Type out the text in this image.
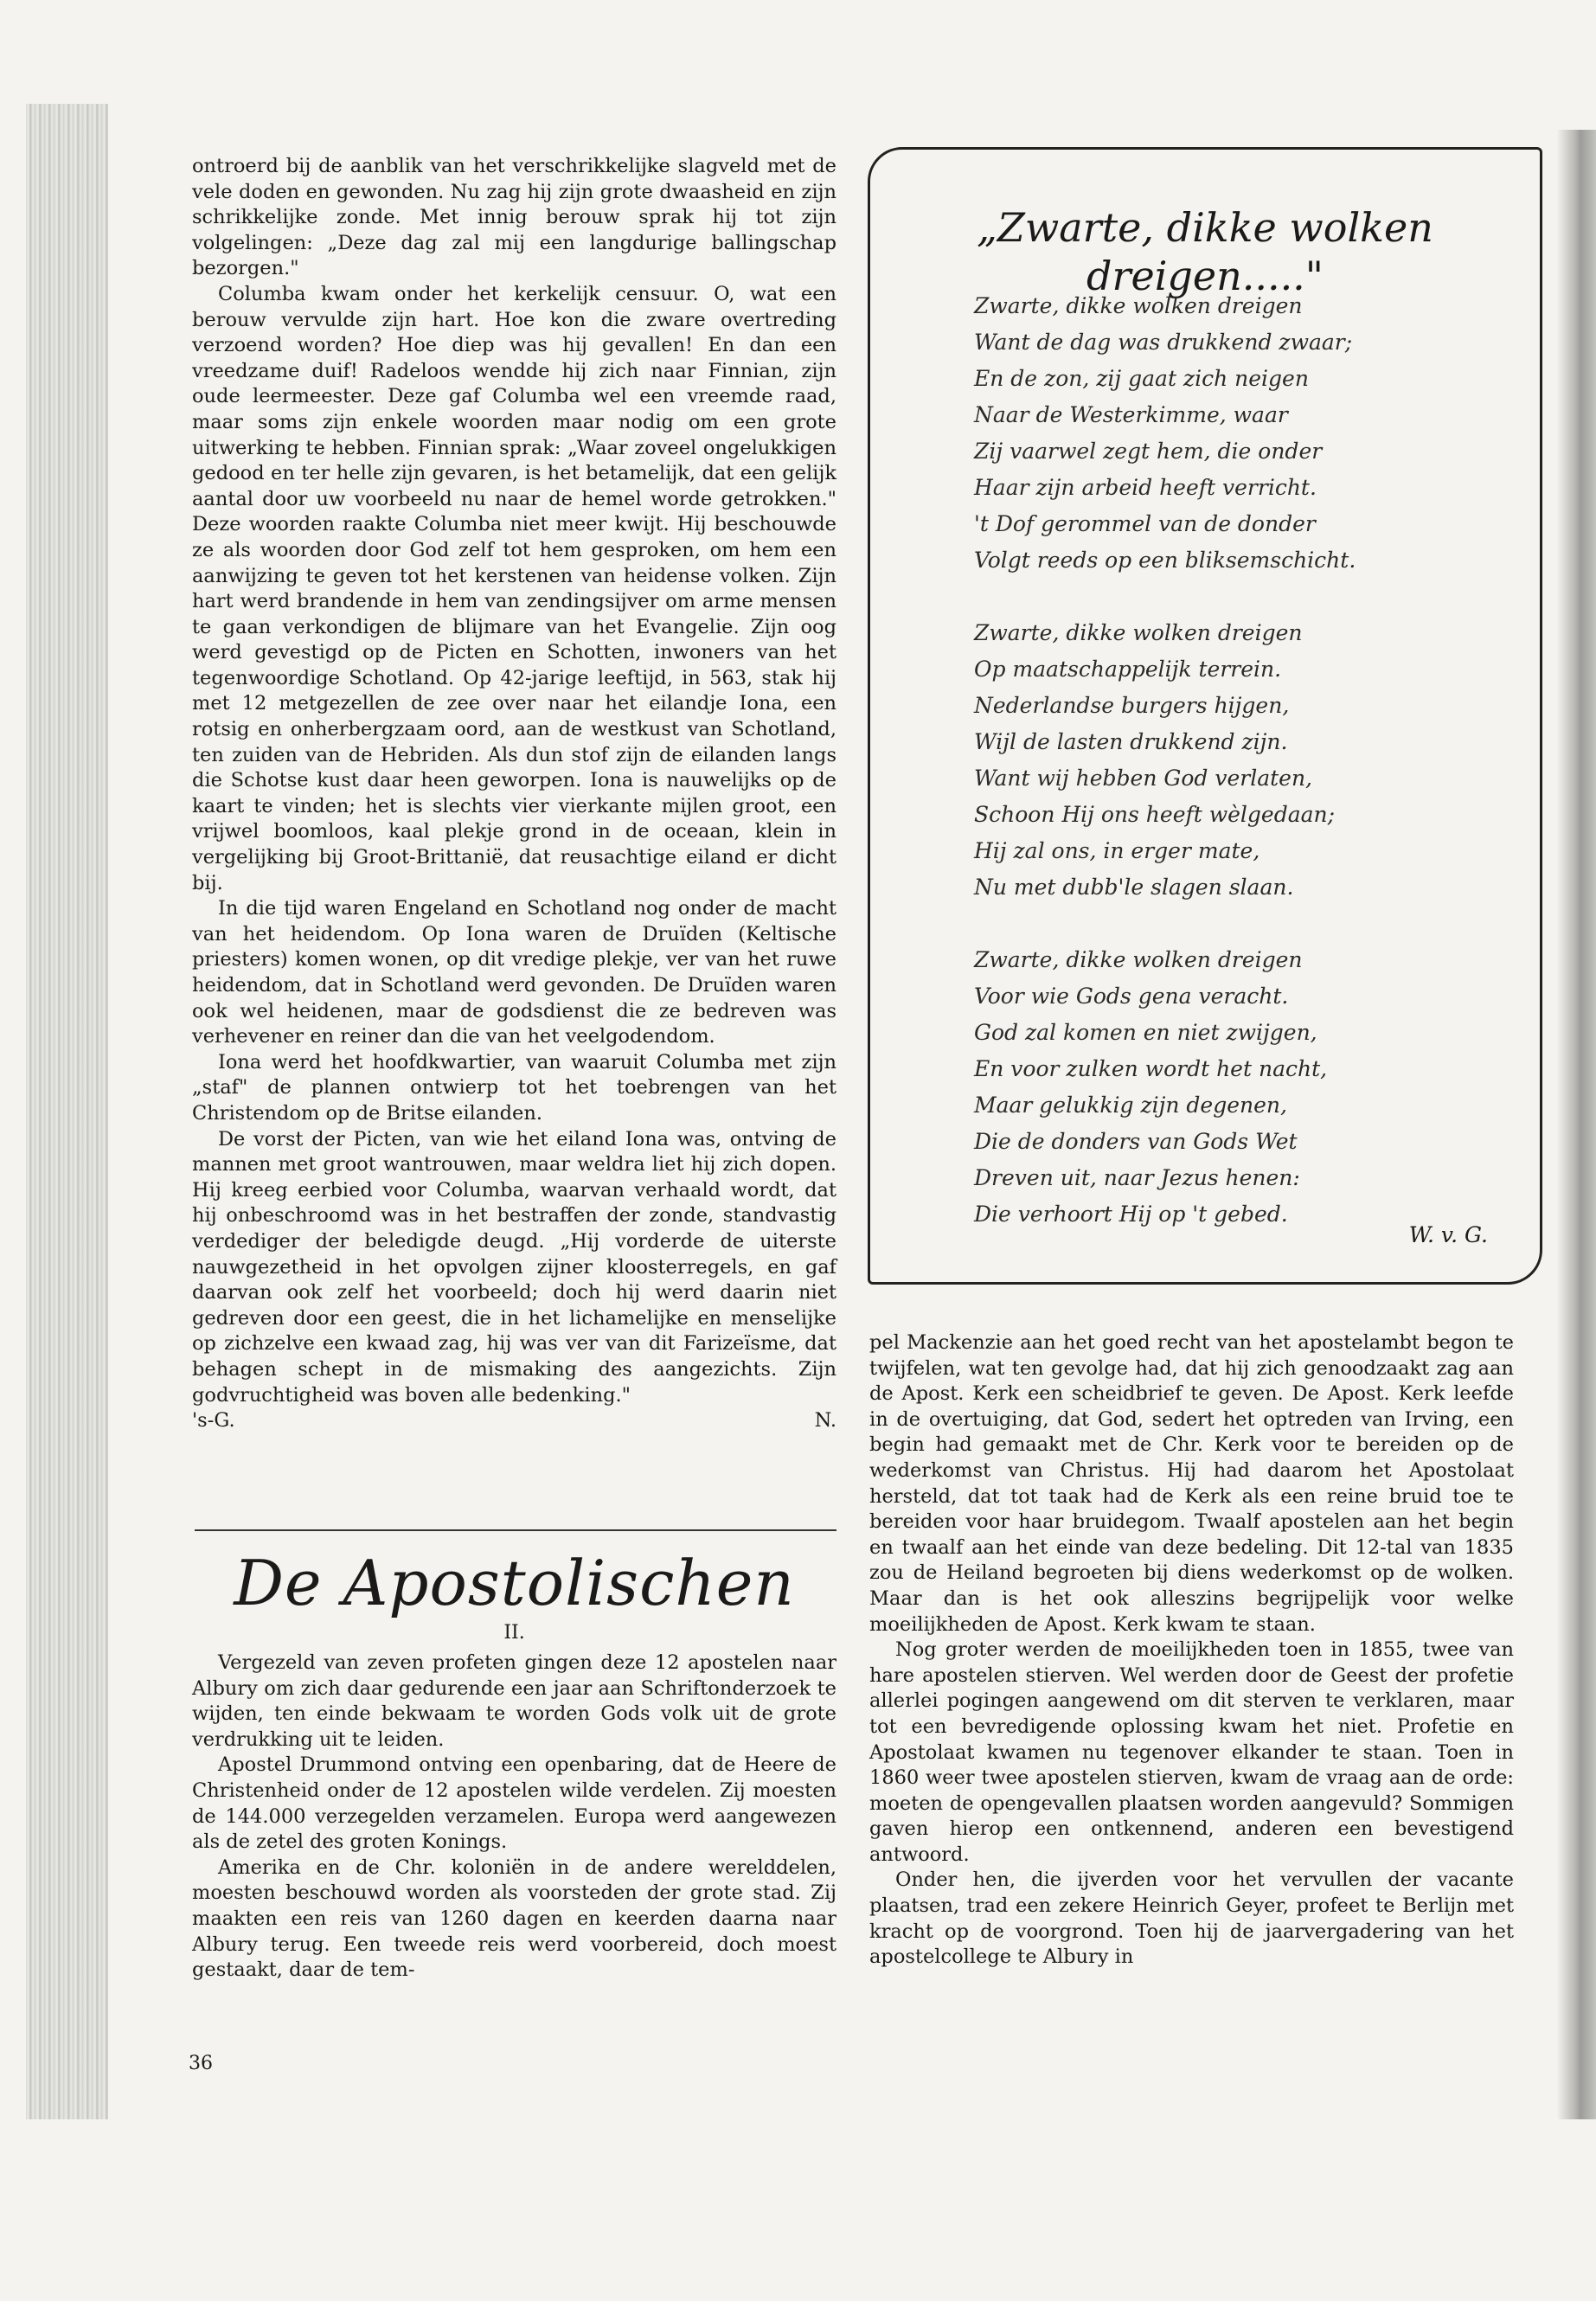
ontroerd bij de aanblik van het verschrikkelijke slagveld met de vele doden en gewonden. Nu zag hij zijn grote dwaasheid en zijn schrikkelijke zonde. Met innig berouw sprak hij tot zijn volgelingen: „Deze dag zal mij een langdurige ballingschap bezorgen."

Columba kwam onder het kerkelijk censuur. O, wat een berouw vervulde zijn hart. Hoe kon die zware overtreding verzoend worden? Hoe diep was hij gevallen! En dan een vreedzame duif! Radeloos wendde hij zich naar Finnian, zijn oude leermeester. Deze gaf Columba wel een vreemde raad, maar soms zijn enkele woorden maar nodig om een grote uitwerking te hebben. Finnian sprak: „Waar zoveel ongelukkigen gedood en ter helle zijn gevaren, is het betamelijk, dat een gelijk aantal door uw voorbeeld nu naar de hemel worde getrokken." Deze woorden raakte Columba niet meer kwijt. Hij beschouwde ze als woorden door God zelf tot hem gesproken, om hem een aanwijzing te geven tot het kerstenen van heidense volken. Zijn hart werd brandende in hem van zendingsijver om arme mensen te gaan verkondigen de blijmare van het Evangelie. Zijn oog werd gevestigd op de Picten en Schotten, inwoners van het tegenwoordige Schotland. Op 42-jarige leeftijd, in 563, stak hij met 12 metgezellen de zee over naar het eilandje Iona, een rotsig en onherbergzaam oord, aan de westkust van Schotland, ten zuiden van de Hebriden. Als dun stof zijn de eilanden langs die Schotse kust daar heen geworpen. Iona is nauwelijks op de kaart te vinden; het is slechts vier vierkante mijlen groot, een vrijwel boomloos, kaal plekje grond in de oceaan, klein in vergelijking bij Groot-Brittanië, dat reusachtige eiland er dicht bij.

In die tijd waren Engeland en Schotland nog onder de macht van het heidendom. Op Iona waren de Druïden (Keltische priesters) komen wonen, op dit vredige plekje, ver van het ruwe heidendom, dat in Schotland werd gevonden. De Druïden waren ook wel heidenen, maar de godsdienst die ze bedreven was verhevener en reiner dan die van het veelgodendom.

Iona werd het hoofdkwartier, van waaruit Columba met zijn „staf" de plannen ontwierp tot het toebrengen van het Christendom op de Britse eilanden.

De vorst der Picten, van wie het eiland Iona was, ontving de mannen met groot wantrouwen, maar weldra liet hij zich dopen. Hij kreeg eerbied voor Columba, waarvan verhaald wordt, dat hij onbeschroomd was in het bestraffen der zonde, standvastig verdediger der beledigde deugd. „Hij vorderde de uiterste nauwgezetheid in het opvolgen zijner kloosterregels, en gaf daarvan ook zelf het voorbeeld; doch hij werd daarin niet gedreven door een geest, die in het lichamelijke en menselijke op zichzelve een kwaad zag, hij was ver van dit Farizeïsme, dat behagen schept in de mismaking des aangezichts. Zijn godvruchtigheid was boven alle bedenking."

's-G.	N.
De Apostolischen
II.

Vergezeld van zeven profeten gingen deze 12 apostelen naar Albury om zich daar gedurende een jaar aan Schriftonderzoek te wijden, ten einde bekwaam te worden Gods volk uit de grote verdrukking uit te leiden.

Apostel Drummond ontving een openbaring, dat de Heere de Christenheid onder de 12 apostelen wilde verdelen. Zij moesten de 144.000 verzegelden verzamelen. Europa werd aangewezen als de zetel des groten Konings.

Amerika en de Chr. koloniën in de andere werelddelen, moesten beschouwd worden als voorsteden der grote stad. Zij maakten een reis van 1260 dagen en keerden daarna naar Albury terug. Een tweede reis werd voorbereid, doch moest gestaakt, daar de tem-

„Zwarte, dikke wolken dreigen....."
Zwarte, dikke wolken dreigen
Want de dag was drukkend zwaar;
En de zon, zij gaat zich neigen
Naar de Westerkimme, waar
Zij vaarwel zegt hem, die onder
Haar zijn arbeid heeft verricht.
't Dof gerommel van de donder
Volgt reeds op een bliksemschicht.
Zwarte, dikke wolken dreigen
Op maatschappelijk terrein.
Nederlandse burgers hijgen,
Wijl de lasten drukkend zijn.
Want wij hebben God verlaten,
Schoon Hij ons heeft wèlgedaan;
Hij zal ons, in erger mate,
Nu met dubb'le slagen slaan.
Zwarte, dikke wolken dreigen
Voor wie Gods gena veracht.
God zal komen en niet zwijgen,
En voor zulken wordt het nacht,
Maar gelukkig zijn degenen,
Die de donders van Gods Wet
Dreven uit, naar Jezus henen:
Die verhoort Hij op 't gebed.
W. v. G.

pel Mackenzie aan het goed recht van het apostelambt begon te twijfelen, wat ten gevolge had, dat hij zich genoodzaakt zag aan de Apost. Kerk een scheidbrief te geven. De Apost. Kerk leefde in de overtuiging, dat God, sedert het optreden van Irving, een begin had gemaakt met de Chr. Kerk voor te bereiden op de wederkomst van Christus. Hij had daarom het Apostolaat hersteld, dat tot taak had de Kerk als een reine bruid toe te bereiden voor haar bruidegom. Twaalf apostelen aan het begin en twaalf aan het einde van deze bedeling. Dit 12-tal van 1835 zou de Heiland begroeten bij diens wederkomst op de wolken. Maar dan is het ook alleszins begrijpelijk voor welke moeilijkheden de Apost. Kerk kwam te staan.

Nog groter werden de moeilijkheden toen in 1855, twee van hare apostelen stierven. Wel werden door de Geest der profetie allerlei pogingen aangewend om dit sterven te verklaren, maar tot een bevredigende oplossing kwam het niet. Profetie en Apostolaat kwamen nu tegenover elkander te staan. Toen in 1860 weer twee apostelen stierven, kwam de vraag aan de orde: moeten de opengevallen plaatsen worden aangevuld? Sommigen gaven hierop een ontkennend, anderen een bevestigend antwoord.

Onder hen, die ijverden voor het vervullen der vacante plaatsen, trad een zekere Heinrich Geyer, profeet te Berlijn met kracht op de voorgrond. Toen hij de jaarvergadering van het apostelcollege te Albury in

36
